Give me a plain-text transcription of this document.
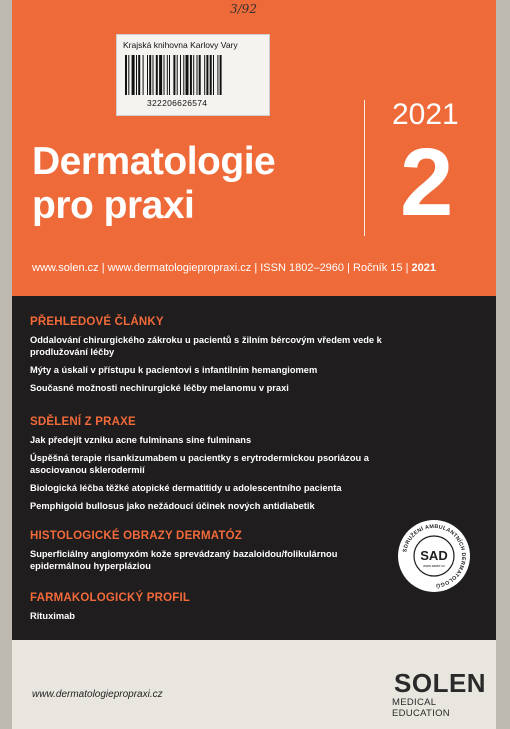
3/92
Krajská knihovna Karlovy Vary
322206626574
Dermatologie
pro praxi
2021
2
www.solen.cz | www.dermatologiepropraxi.cz | ISSN 1802–2960 | Ročník 15 | 2021
PŘEHLEDOVÉ ČLÁNKY
Oddalování chirurgického zákroku u pacientů s žilním bércovým vředem vede k prodlužování léčby
Mýty a úskalí v přístupu k pacientovi s infantilním hemangiomem
Současné možnosti nechirurgické léčby melanomu v praxi
SDĚLENÍ Z PRAXE
Jak předejít vzniku acne fulminans sine fulminans
Úspěšná terapie risankizumabem u pacientky s erytrodermickou psoriázou a asociovanou sklerodermií
Biologická léčba těžké atopické dermatitidy u adolescentního pacienta
Pemphigoid bullosus jako nežádoucí účinek nových antidiabetik
HISTOLOGICKÉ OBRAZY DERMATÓZ
Superficiálny angiomyxóm kože sprevádzaný bazaloidou/folikulárnou epidermálnou hyperpláziou
FARMAKOLOGICKÝ PROFIL
Rituximab
SDRUŽENÍ AMBULANTNÍCH DERMATOLOGŮ
SAD
www.sadcr.cz
www.dermatologiepropraxi.cz	SOLEN
MEDICAL EDUCATION
